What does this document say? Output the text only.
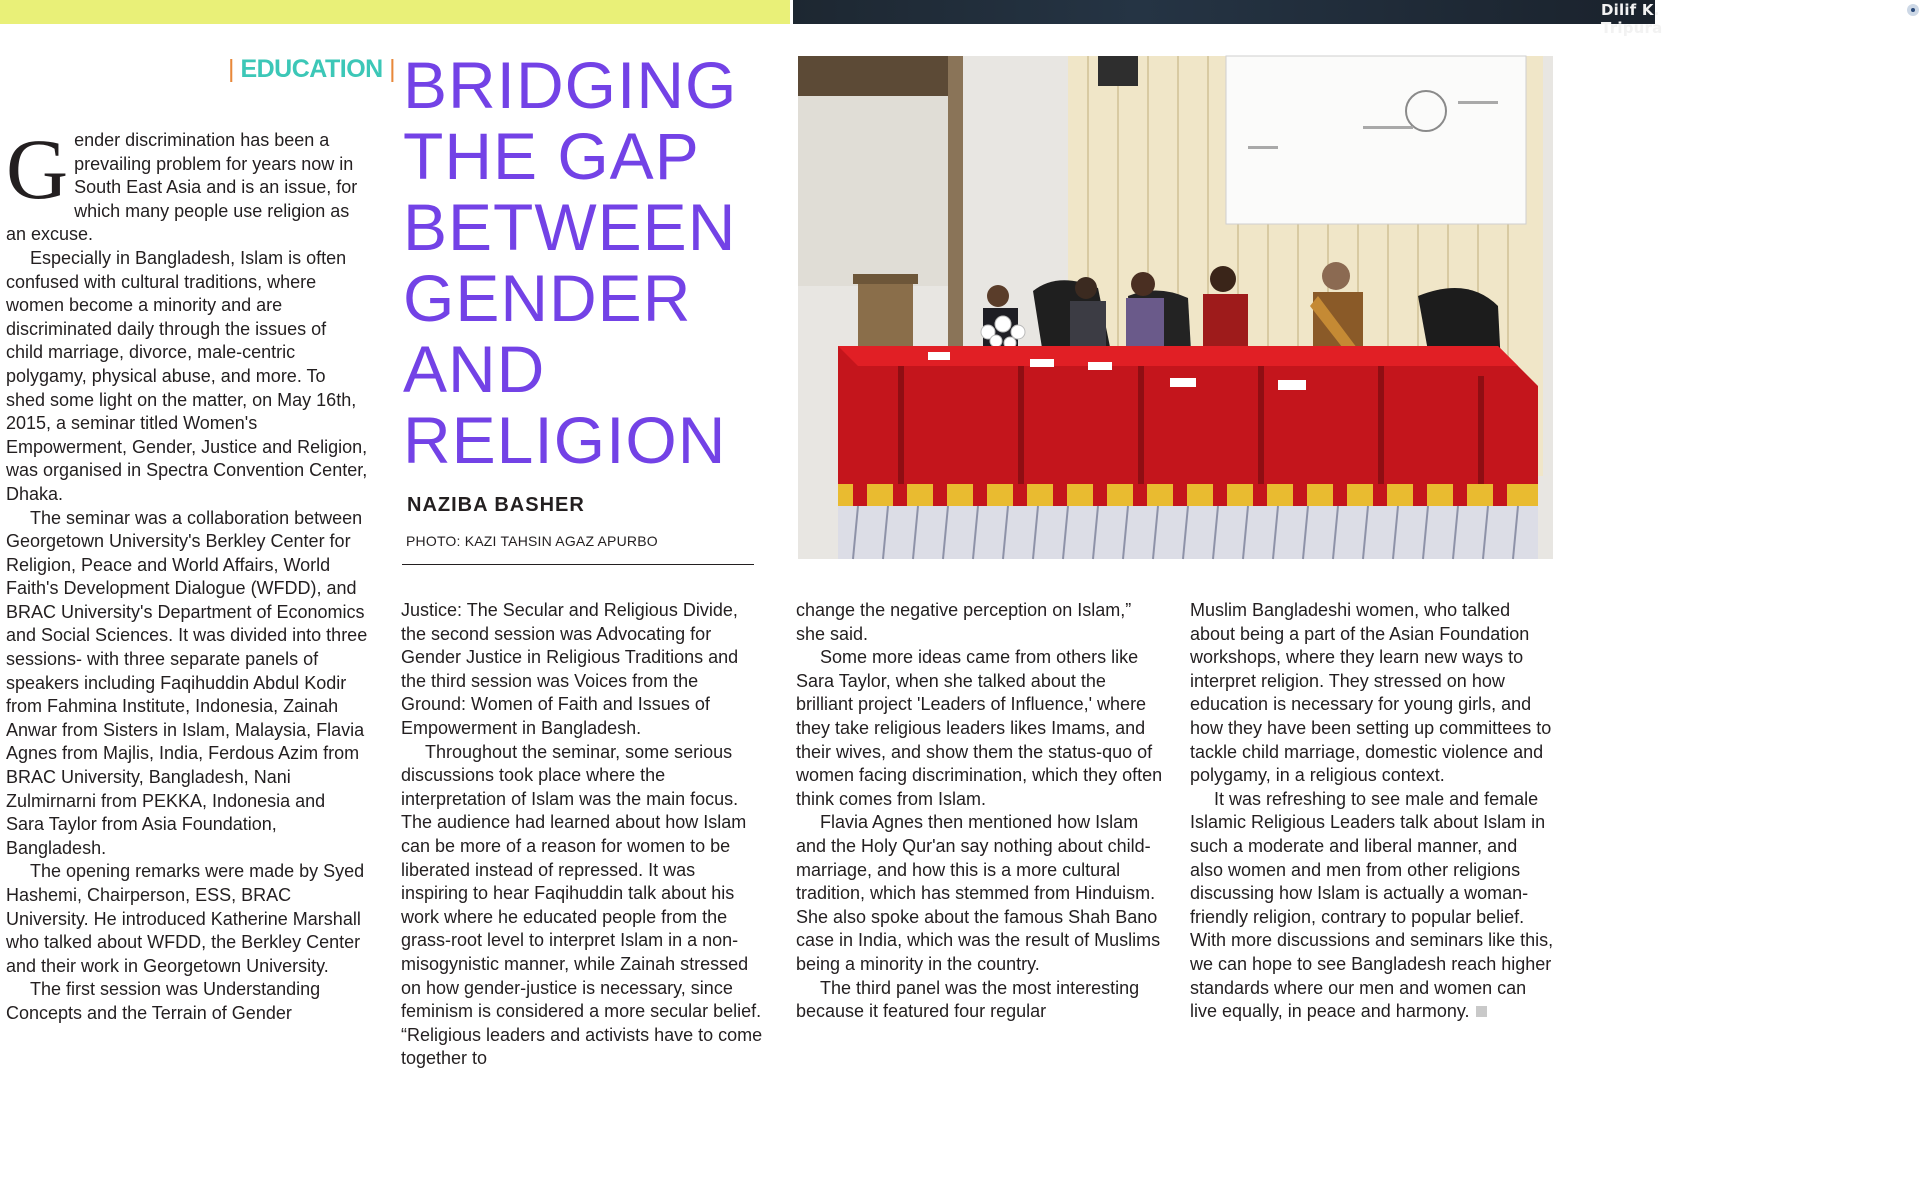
Dilif K. Tripura
| EDUCATION | BRIDGING
THE GAP
BETWEEN
GENDER
AND
RELIGION
NAZIBA BASHER
PHOTO: KAZI TAHSIN AGAZ APURBO

Gender discrimination has been a prevailing problem for years now in South East Asia and is an issue, for which many people use religion as an excuse.

Especially in Bangladesh, Islam is often confused with cultural traditions, where women become a minority and are discriminated daily through the issues of child marriage, divorce, male-centric polygamy, physical abuse, and more. To shed some light on the matter, on May 16th, 2015, a seminar titled Women's Empowerment, Gender, Justice and Religion, was organised in Spectra Convention Center, Dhaka.

The seminar was a collaboration between Georgetown University's Berkley Center for Religion, Peace and World Affairs, World Faith's Development Dialogue (WFDD), and BRAC University's Department of Economics and Social Sciences. It was divided into three sessions- with three separate panels of speakers including Faqihuddin Abdul Kodir from Fahmina Institute, Indonesia, Zainah Anwar from Sisters in Islam, Malaysia, Flavia Agnes from Majlis, India, Ferdous Azim from BRAC University, Bangladesh, Nani Zulmirnarni from PEKKA, Indonesia and Sara Taylor from Asia Foundation, Bangladesh.

The opening remarks were made by Syed Hashemi, Chairperson, ESS, BRAC University. He introduced Katherine Marshall who talked about WFDD, the Berkley Center and their work in Georgetown University.

The first session was Understanding Concepts and the Terrain of Gender

Justice: The Secular and Religious Divide, the second session was Advocating for Gender Justice in Religious Traditions and the third session was Voices from the Ground: Women of Faith and Issues of Empowerment in Bangladesh.

Throughout the seminar, some serious discussions took place where the interpretation of Islam was the main focus. The audience had learned about how Islam can be more of a reason for women to be liberated instead of repressed. It was inspiring to hear Faqihuddin talk about his work where he educated people from the grass-root level to interpret Islam in a non-misogynistic manner, while Zainah stressed on how gender-justice is necessary, since feminism is considered a more secular belief. “Religious leaders and activists have to come together to

change the negative perception on Islam,” she said.

Some more ideas came from others like Sara Taylor, when she talked about the brilliant project 'Leaders of Influence,' where they take religious leaders likes Imams, and their wives, and show them the status-quo of women facing discrimination, which they often think comes from Islam.

Flavia Agnes then mentioned how Islam and the Holy Qur'an say nothing about child-marriage, and how this is a more cultural tradition, which has stemmed from Hinduism. She also spoke about the famous Shah Bano case in India, which was the result of Muslims being a minority in the country.

The third panel was the most interesting because it featured four regular

Muslim Bangladeshi women, who talked about being a part of the Asian Foundation workshops, where they learn new ways to interpret religion. They stressed on how education is necessary for young girls, and how they have been setting up committees to tackle child marriage, domestic violence and polygamy, in a religious context.

It was refreshing to see male and female Islamic Religious Leaders talk about Islam in such a moderate and liberal manner, and also women and men from other religions discussing how Islam is actually a woman-friendly religion, contrary to popular belief. With more discussions and seminars like this, we can hope to see Bangladesh reach higher standards where our men and women can live equally, in peace and harmony.
